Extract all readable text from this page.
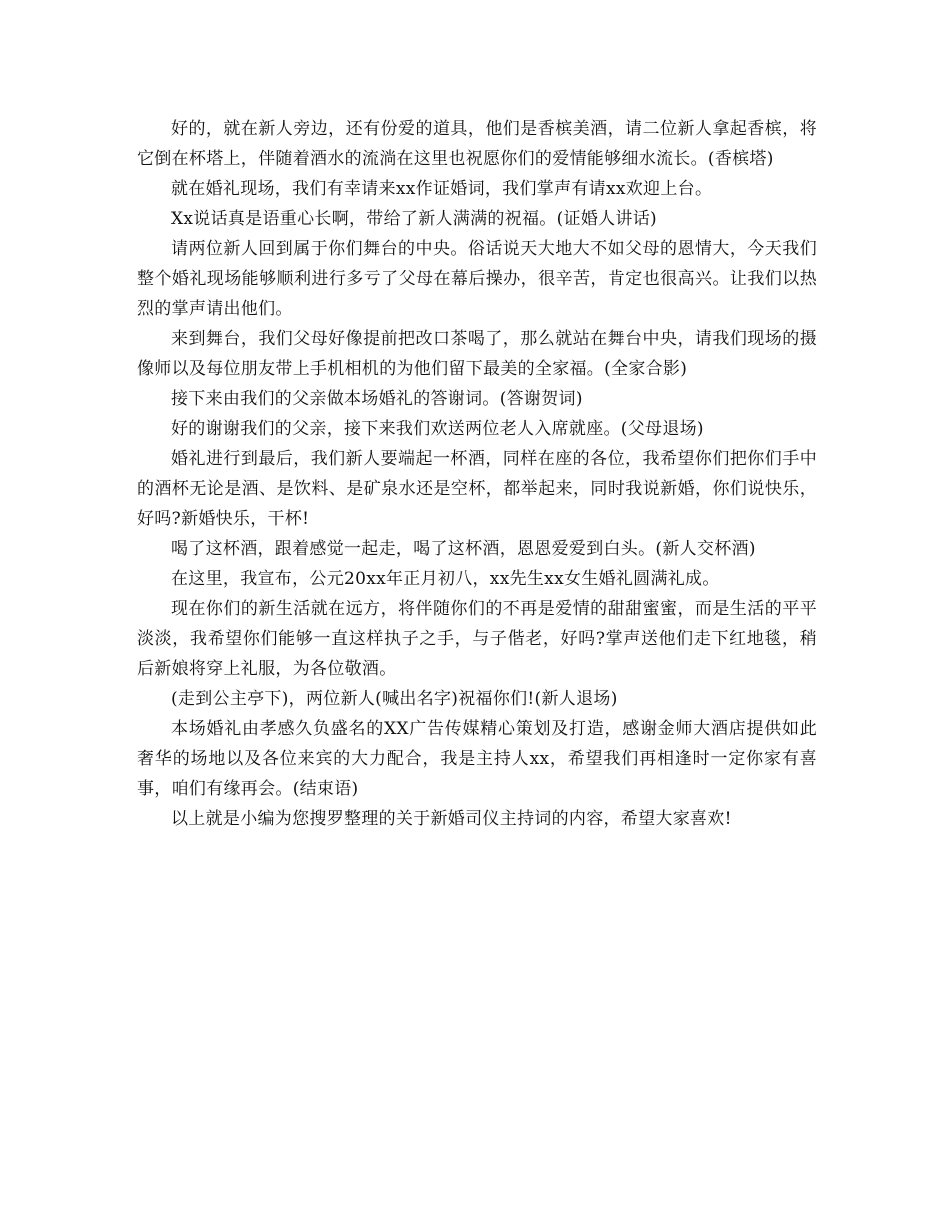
好的，就在新人旁边，还有份爱的道具，他们是香槟美酒，请二位新人拿起香槟，将它倒在杯塔上，伴随着酒水的流淌在这里也祝愿你们的爱情能够细水流长。(香槟塔)

就在婚礼现场，我们有幸请来xx作证婚词，我们掌声有请xx欢迎上台。

Xx说话真是语重心长啊，带给了新人满满的祝福。(证婚人讲话)

请两位新人回到属于你们舞台的中央。俗话说天大地大不如父母的恩情大，今天我们整个婚礼现场能够顺利进行多亏了父母在幕后操办，很辛苦，肯定也很高兴。让我们以热烈的掌声请出他们。

来到舞台，我们父母好像提前把改口茶喝了，那么就站在舞台中央，请我们现场的摄像师以及每位朋友带上手机相机的为他们留下最美的全家福。(全家合影)

接下来由我们的父亲做本场婚礼的答谢词。(答谢贺词)

好的谢谢我们的父亲，接下来我们欢送两位老人入席就座。(父母退场)

婚礼进行到最后，我们新人要端起一杯酒，同样在座的各位，我希望你们把你们手中的酒杯无论是酒、是饮料、是矿泉水还是空杯，都举起来，同时我说新婚，你们说快乐，好吗?新婚快乐，干杯!

喝了这杯酒，跟着感觉一起走，喝了这杯酒，恩恩爱爱到白头。(新人交杯酒)

在这里，我宣布，公元20xx年正月初八，xx先生xx女生婚礼圆满礼成。

现在你们的新生活就在远方，将伴随你们的不再是爱情的甜甜蜜蜜，而是生活的平平淡淡，我希望你们能够一直这样执子之手，与子偕老，好吗?掌声送他们走下红地毯，稍后新娘将穿上礼服，为各位敬酒。

(走到公主亭下)，两位新人(喊出名字)祝福你们!(新人退场)

本场婚礼由孝感久负盛名的XX广告传媒精心策划及打造，感谢金师大酒店提供如此奢华的场地以及各位来宾的大力配合，我是主持人xx，希望我们再相逢时一定你家有喜事，咱们有缘再会。(结束语)

以上就是小编为您搜罗整理的关于新婚司仪主持词的内容，希望大家喜欢!
